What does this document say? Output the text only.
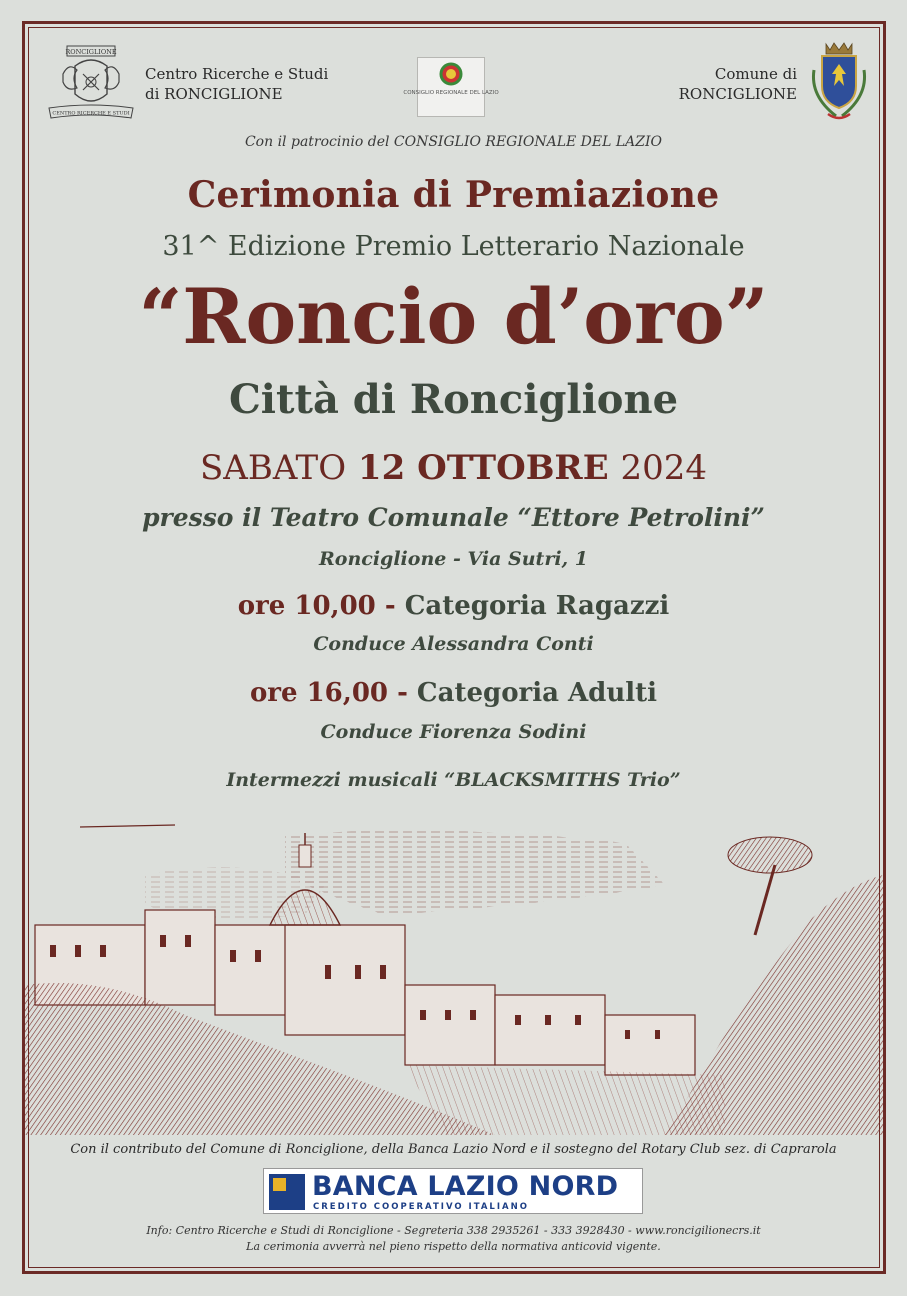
RONCIGLIONE
CENTRO RICERCHE E STUDI
Centro Ricerche e Studi
di RONCIGLIONE	CONSIGLIO REGIONALE DEL LAZIO
Comune di
RONCIGLIONE
Con il patrocinio del CONSIGLIO REGIONALE DEL LAZIO
Cerimonia di Premiazione
31^ Edizione Premio Letterario Nazionale
“Roncio d’oro”
Città di Ronciglione
SABATO 12 OTTOBRE 2024
presso il Teatro Comunale “Ettore Petrolini”
Ronciglione - Via Sutri, 1
ore 10,00 - Categoria Ragazzi
Conduce Alessandra Conti
ore 16,00 - Categoria Adulti
Conduce Fiorenza Sodini
Intermezzi musicali “BLACKSMITHS Trio”
Con il contributo del Comune di Ronciglione, della Banca Lazio Nord e il sostegno del Rotary Club sez. di Caprarola
BANCA LAZIO NORD
CREDITO COOPERATIVO ITALIANO
Info: Centro Ricerche e Studi di Ronciglione - Segreteria 338 2935261 - 333 3928430 - www.roncigilionecrs.it
La cerimonia avverrà nel pieno rispetto della normativa anticovid vigente.
